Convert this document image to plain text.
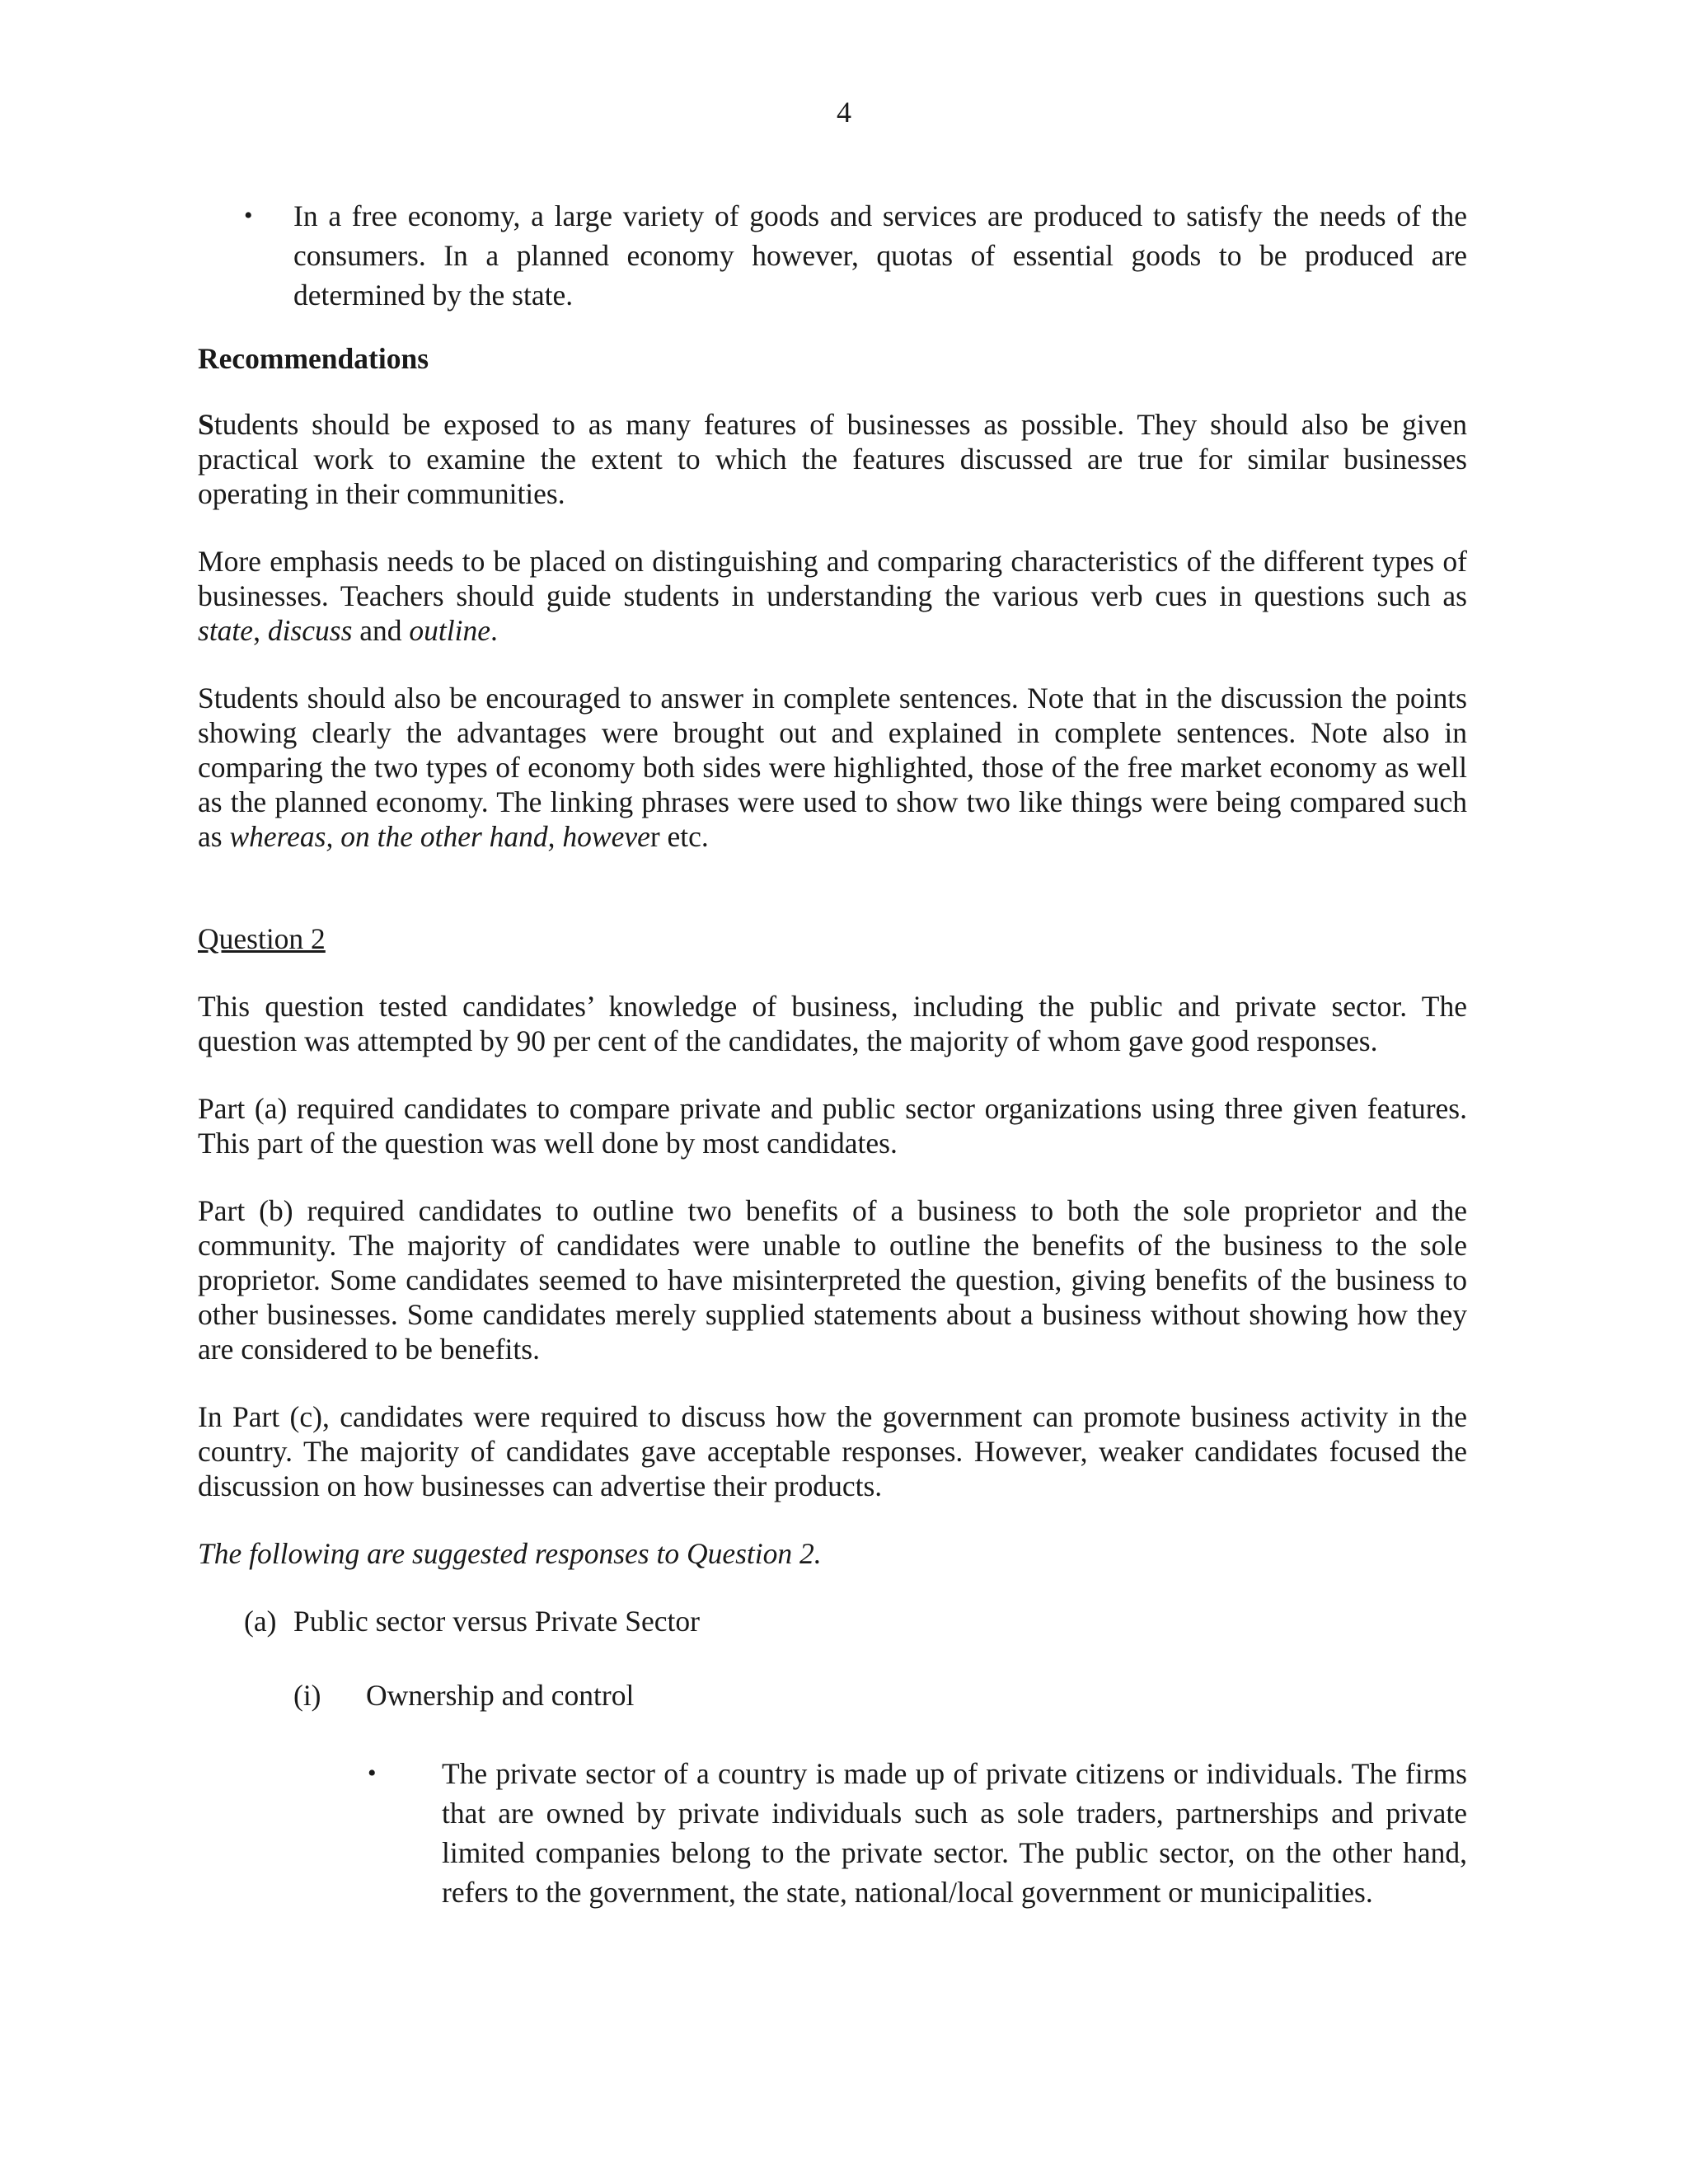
4
•	In a free economy, a large variety of goods and services are produced to satisfy the needs of the consumers. In a planned economy however, quotas of essential goods to be produced are determined by the state.

Recommendations

Students should be exposed to as many features of businesses as possible. They should also be given practical work to examine the extent to which the features discussed are true for similar businesses operating in their communities.

More emphasis needs to be placed on distinguishing and comparing characteristics of the different types of businesses. Teachers should guide students in understanding the various verb cues in questions such as state, discuss and outline.

Students should also be encouraged to answer in complete sentences. Note that in the discussion the points showing clearly the advantages were brought out and explained in complete sentences. Note also in comparing the two types of economy both sides were highlighted, those of the free market economy as well as the planned economy. The linking phrases were used to show two like things were being compared such as whereas, on the other hand, however etc.

Question 2

This question tested candidates’ knowledge of business, including the public and private sector. The question was attempted by 90 per cent of the candidates, the majority of whom gave good responses.

Part (a) required candidates to compare private and public sector organizations using three given features. This part of the question was well done by most candidates.

Part (b) required candidates to outline two benefits of a business to both the sole proprietor and the community. The majority of candidates were unable to outline the benefits of the business to the sole proprietor. Some candidates seemed to have misinterpreted the question, giving benefits of the business to other businesses. Some candidates merely supplied statements about a business without showing how they are considered to be benefits.

In Part (c), candidates were required to discuss how the government can promote business activity in the country. The majority of candidates gave acceptable responses. However, weaker candidates focused the discussion on how businesses can advertise their products.

The following are suggested responses to Question 2.

(a) Public sector versus Private Sector
(i)	Ownership and control
•	The private sector of a country is made up of private citizens or individuals. The firms that are owned by private individuals such as sole traders, partnerships and private limited companies belong to the private sector. The public sector, on the other hand, refers to the government, the state, national/local government or municipalities.
